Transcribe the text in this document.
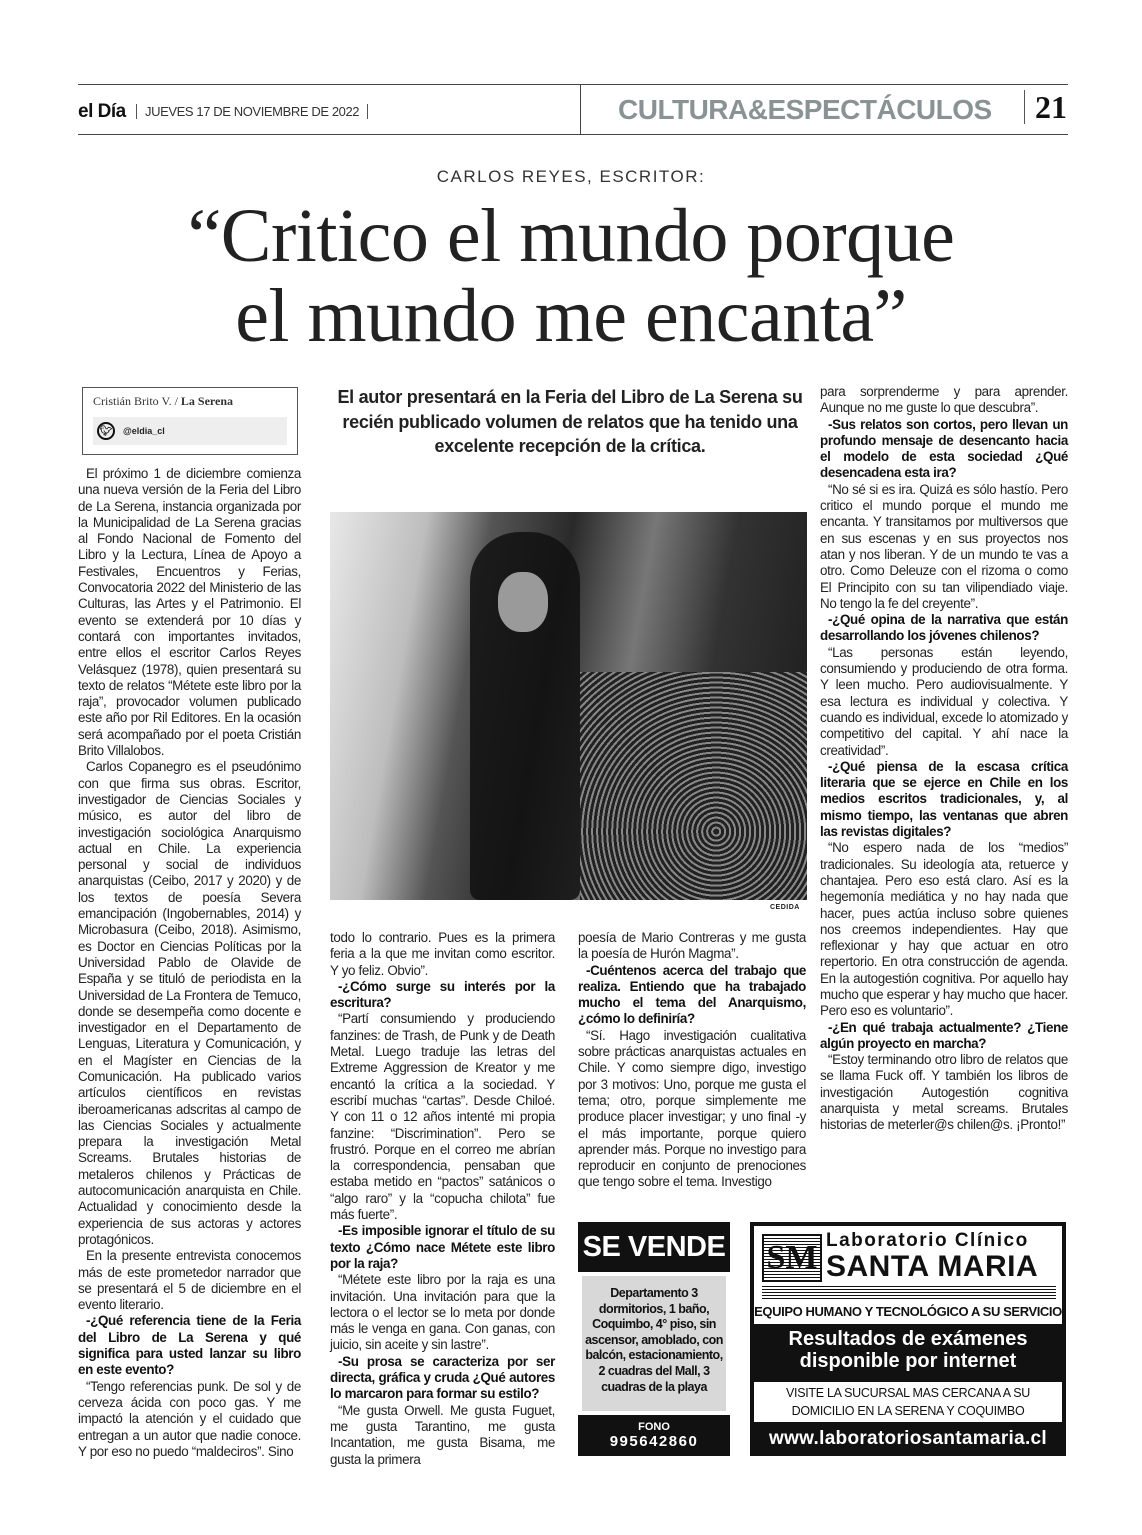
el Día	JUEVES 17 DE NOVIEMBRE DE 2022	CULTURA&ESPECTÁCULOS	21
CARLOS REYES, ESCRITOR:
“Critico el mundo porque
el mundo me encanta”
Cristián Brito V. / La Serena
🐦︎ @eldia_cl

El próximo 1 de diciembre comienza una nueva versión de la Feria del Libro de La Serena, instancia organizada por la Municipalidad de La Serena gracias al Fondo Nacional de Fomento del Libro y la Lectura, Línea de Apoyo a Festivales, Encuentros y Ferias, Convocatoria 2022 del Ministerio de las Culturas, las Artes y el Patrimonio. El evento se extenderá por 10 días y contará con importantes invitados, entre ellos el escritor Carlos Reyes Velásquez (1978), quien presentará su texto de relatos “Métete este libro por la raja”, provocador volumen publicado este año por Ril Editores. En la ocasión será acompañado por el poeta Cristián Brito Villalobos.

Carlos Copanegro es el pseudónimo con que firma sus obras. Escritor, investigador de Ciencias Sociales y músico, es autor del libro de investigación sociológica Anarquismo actual en Chile. La experiencia personal y social de individuos anarquistas (Ceibo, 2017 y 2020) y de los textos de poesía Severa emancipación (Ingobernables, 2014) y Microbasura (Ceibo, 2018). Asimismo, es Doctor en Ciencias Políticas por la Universidad Pablo de Olavide de España y se tituló de periodista en la Universidad de La Frontera de Temuco, donde se desempeña como docente e investigador en el Departamento de Lenguas, Literatura y Comunicación, y en el Magíster en Ciencias de la Comunicación. Ha publicado varios artículos científicos en revistas iberoamericanas adscritas al campo de las Ciencias Sociales y actualmente prepara la investigación Metal Screams. Brutales historias de metaleros chilenos y Prácticas de autocomunicación anarquista en Chile. Actualidad y conocimiento desde la experiencia de sus actoras y actores protagónicos.

En la presente entrevista conocemos más de este prometedor narrador que se presentará el 5 de diciembre en el evento literario.

-¿Qué referencia tiene de la Feria del Libro de La Serena y qué significa para usted lanzar su libro en este evento?

“Tengo referencias punk. De sol y de cerveza ácida con poco gas. Y me impactó la atención y el cuidado que entregan a un autor que nadie conoce. Y por eso no puedo “maldeciros”. Sino

El autor presentará en la Feria del Libro de La Serena su recién publicado volumen de relatos que ha tenido una excelente recepción de la crítica.
CEDIDA

todo lo contrario. Pues es la primera feria a la que me invitan como escritor. Y yo feliz. Obvio”.

-¿Cómo surge su interés por la escritura?

“Partí consumiendo y produciendo fanzines: de Trash, de Punk y de Death Metal. Luego traduje las letras del Extreme Aggression de Kreator y me encantó la crítica a la sociedad. Y escribí muchas “cartas”. Desde Chiloé. Y con 11 o 12 años intenté mi propia fanzine: “Discrimination”. Pero se frustró. Porque en el correo me abrían la correspondencia, pensaban que estaba metido en “pactos” satánicos o “algo raro” y la “copucha chilota” fue más fuerte”.

-Es imposible ignorar el título de su texto ¿Cómo nace Métete este libro por la raja?

“Métete este libro por la raja es una invitación. Una invitación para que la lectora o el lector se lo meta por donde más le venga en gana. Con ganas, con juicio, sin aceite y sin lastre”.

-Su prosa se caracteriza por ser directa, gráfica y cruda ¿Qué autores lo marcaron para formar su estilo?

“Me gusta Orwell. Me gusta Fuguet, me gusta Tarantino, me gusta Incantation, me gusta Bisama, me gusta la primera

poesía de Mario Contreras y me gusta la poesía de Hurón Magma”.

-Cuéntenos acerca del trabajo que realiza. Entiendo que ha trabajado mucho el tema del Anarquismo, ¿cómo lo definiría?

“Sí. Hago investigación cualitativa sobre prácticas anarquistas actuales en Chile. Y como siempre digo, investigo por 3 motivos: Uno, porque me gusta el tema; otro, porque simplemente me produce placer investigar; y uno final -y el más importante, porque quiero aprender más. Porque no investigo para reproducir en conjunto de prenociones que tengo sobre el tema. Investigo

para sorprenderme y para aprender. Aunque no me guste lo que descubra”.

-Sus relatos son cortos, pero llevan un profundo mensaje de desencanto hacia el modelo de esta sociedad ¿Qué desencadena esta ira?

“No sé si es ira. Quizá es sólo hastío. Pero critico el mundo porque el mundo me encanta. Y transitamos por multiversos que en sus escenas y en sus proyectos nos atan y nos liberan. Y de un mundo te vas a otro. Como Deleuze con el rizoma o como El Principito con su tan vilipendiado viaje. No tengo la fe del creyente”.

-¿Qué opina de la narrativa que están desarrollando los jóvenes chilenos?

“Las personas están leyendo, consumiendo y produciendo de otra forma. Y leen mucho. Pero audiovisualmente. Y esa lectura es individual y colectiva. Y cuando es individual, excede lo atomizado y competitivo del capital. Y ahí nace la creatividad”.

-¿Qué piensa de la escasa crítica literaria que se ejerce en Chile en los medios escritos tradicionales, y, al mismo tiempo, las ventanas que abren las revistas digitales?

“No espero nada de los “medios” tradicionales. Su ideología ata, retuerce y chantajea. Pero eso está claro. Así es la hegemonía mediática y no hay nada que hacer, pues actúa incluso sobre quienes nos creemos independientes. Hay que reflexionar y hay que actuar en otro repertorio. En otra construcción de agenda. En la autogestión cognitiva. Por aquello hay mucho que esperar y hay mucho que hacer. Pero eso es voluntario”.

-¿En qué trabaja actualmente? ¿Tiene algún proyecto en marcha?

“Estoy terminando otro libro de relatos que se llama Fuck off. Y también los libros de investigación Autogestión cognitiva anarquista y metal screams. Brutales historias de meterler@s chilen@s. ¡Pronto!”

SE VENDE
Departamento 3 dormitorios, 1 baño, Coquimbo, 4° piso, sin ascensor, amoblado, con balcón, estacionamiento, 2 cuadras del Mall, 3 cuadras de la playa
FONO
995642860
SM Laboratorio Clínico
SANTA MARIA
EQUIPO HUMANO Y TECNOLÓGICO A SU SERVICIO
Resultados de exámenes disponible por internet
VISITE LA SUCURSAL MAS CERCANA A SU DOMICILIO EN LA SERENA Y COQUIMBO
www.laboratoriosantamaria.cl
